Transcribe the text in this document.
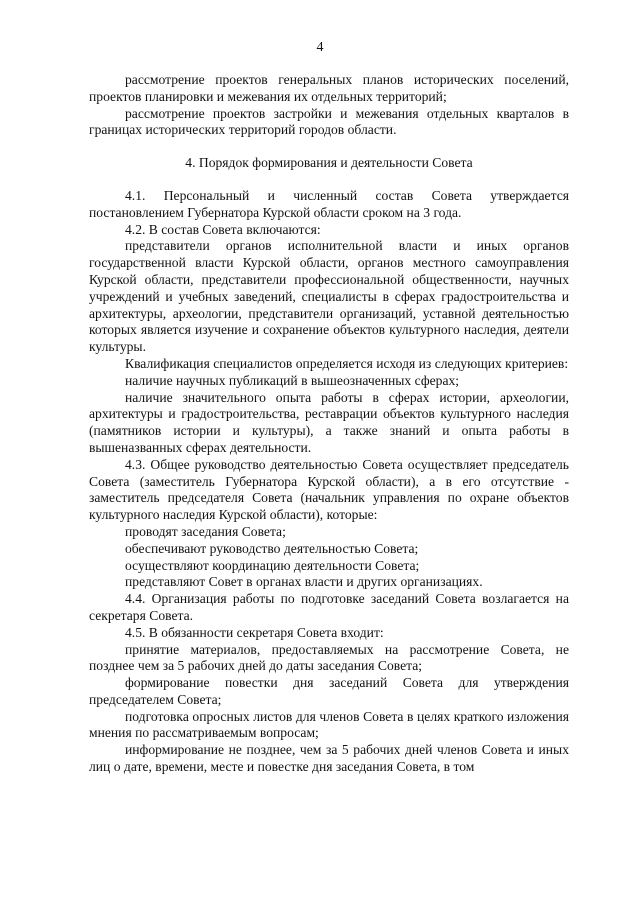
4

рассмотрение проектов генеральных планов исторических поселений, проектов планировки и межевания их отдельных территорий;

рассмотрение проектов застройки и межевания отдельных кварталов в границах исторических территорий городов области.

4. Порядок формирования и деятельности Совета

4.1. Персональный и численный состав Совета утверждается постановлением Губернатора Курской области сроком на 3 года.

4.2. В состав Совета включаются:

представители органов исполнительной власти и иных органов государственной власти Курской области, органов местного самоуправления Курской области, представители профессиональной общественности, научных учреждений и учебных заведений, специалисты в сферах градостроительства и архитектуры, археологии, представители организаций, уставной деятельностью которых является изучение и сохранение объектов культурного наследия, деятели культуры.

Квалификация специалистов определяется исходя из следующих критериев:

наличие научных публикаций в вышеозначенных сферах;

наличие значительного опыта работы в сферах истории, археологии, архитектуры и градостроительства, реставрации объектов культурного наследия (памятников истории и культуры), а также знаний и опыта работы в вышеназванных сферах деятельности.

4.3. Общее руководство деятельностью Совета осуществляет председатель Совета (заместитель Губернатора Курской области), а в его отсутствие - заместитель председателя Совета (начальник управления по охране объектов культурного наследия Курской области), которые:

проводят заседания Совета;

обеспечивают руководство деятельностью Совета;

осуществляют координацию деятельности Совета;

представляют Совет в органах власти и других организациях.

4.4. Организация работы по подготовке заседаний Совета возлагается на секретаря Совета.

4.5. В обязанности секретаря Совета входит:

принятие материалов, предоставляемых на рассмотрение Совета, не позднее чем за 5 рабочих дней до даты заседания Совета;

формирование повестки дня заседаний Совета для утверждения председателем Совета;

подготовка опросных листов для членов Совета в целях краткого изложения мнения по рассматриваемым вопросам;

информирование не позднее, чем за 5 рабочих дней членов Совета и иных лиц о дате, времени, месте и повестке дня заседания Совета, в том
